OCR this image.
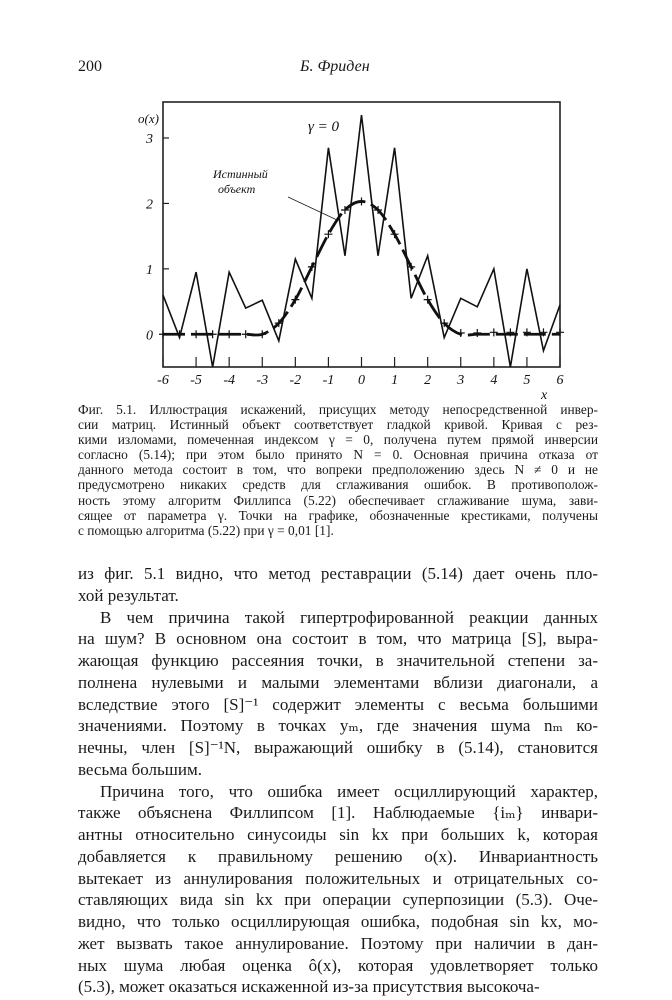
200	Б. Фриден
-6 -5 -4 -3 -2 -1 0 1 2 3 4 5 6
0
1
2
3
o(x)
x
γ = 0
Истинный
объект
Фиг. 5.1. Иллюстрация искажений, присущих методу непосредственной инвер-
сии матриц. Истинный объект соответствует гладкой кривой. Кривая с рез-
кими изломами, помеченная индексом γ = 0, получена путем прямой инверсии
согласно (5.14); при этом было принято N = 0. Основная причина отказа от
данного метода состоит в том, что вопреки предположению здесь N ≠ 0 и не
предусмотрено никаких средств для сглаживания ошибок. В противополож-
ность этому алгоритм Филлипса (5.22) обеспечивает сглаживание шума, зави-
сящее от параметра γ. Точки на графике, обозначенные крестиками, получены
с помощью алгоритма (5.22) при γ = 0,01 [1].
из фиг. 5.1 видно, что метод реставрации (5.14) дает очень пло-
хой результат.
В чем причина такой гипертрофированной реакции данных
на шум? В основном она состоит в том, что матрица [S], выра-
жающая функцию рассеяния точки, в значительной степени за-
полнена нулевыми и малыми элементами вблизи диагонали, а
вследствие этого [S]⁻¹ содержит элементы с весьма большими
значениями. Поэтому в точках yₘ, где значения шума nₘ ко-
нечны, член [S]⁻¹N, выражающий ошибку в (5.14), становится
весьма большим.
Причина того, что ошибка имеет осциллирующий характер,
также объяснена Филлипсом [1]. Наблюдаемые {iₘ} инвари-
антны относительно синусоиды sin kx при больших k, которая
добавляется к правильному решению o(x). Инвариантность
вытекает из аннулирования положительных и отрицательных со-
ставляющих вида sin kx при операции суперпозиции (5.3). Оче-
видно, что только осциллирующая ошибка, подобная sin kx, мо-
жет вызвать такое аннулирование. Поэтому при наличии в дан-
ных шума любая оценка ô(x), которая удовлетворяет только
(5.3), может оказаться искаженной из-за присутствия высокоча-
